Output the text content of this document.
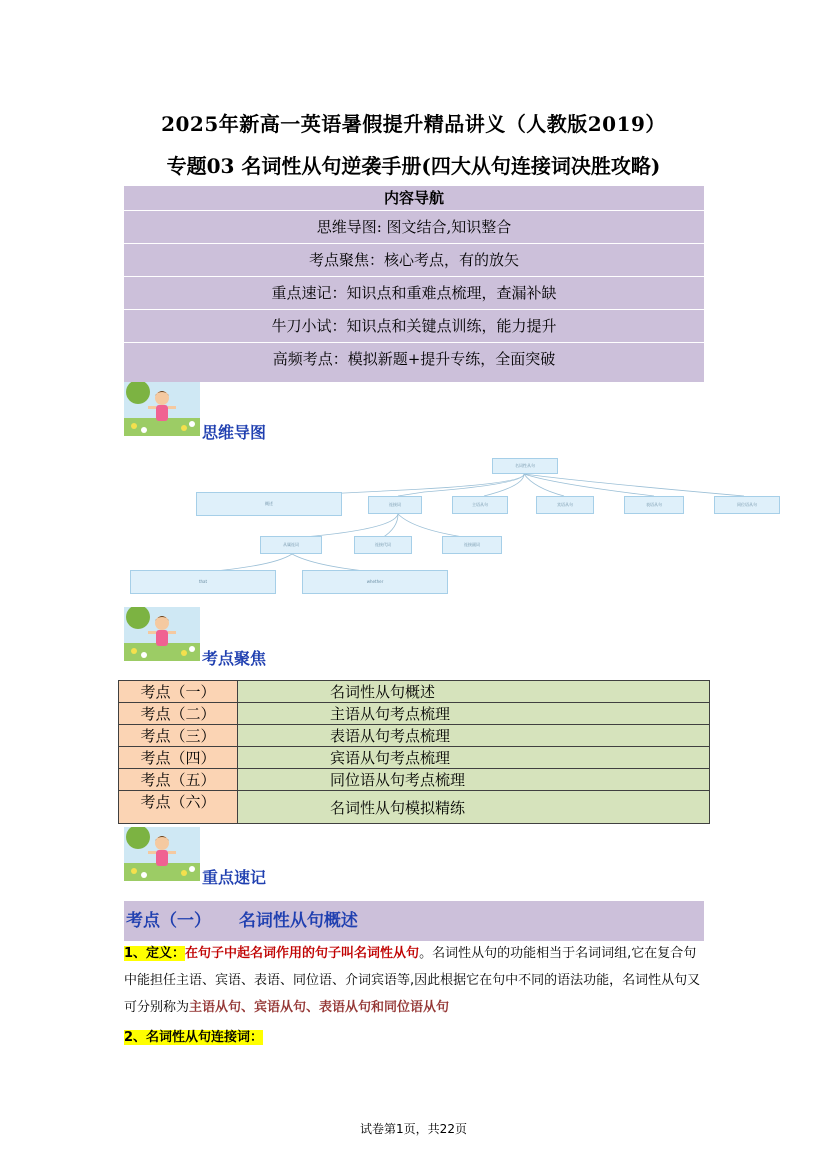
2025年新高一英语暑假提升精品讲义（人教版2019）
专题03 名词性从句逆袭手册(四大从句连接词决胜攻略)
内容导航
思维导图: 图文结合,知识整合
考点聚焦：核心考点，有的放矢
重点速记：知识点和重难点梳理，查漏补缺
牛刀小试：知识点和关键点训练，能力提升
高频考点：模拟新题+提升专练，全面突破
思维导图
名词性从句
概述	连接词	主语从句	宾语从句	表语从句	同位语从句
从属连词	连接代词	连接副词
that	whether
考点聚焦
考点（一）	名词性从句概述
考点（二）	主语从句考点梳理
考点（三）	表语从句考点梳理
考点（四）	宾语从句考点梳理
考点（五）	同位语从句考点梳理
考点（六）	名词性从句模拟精练
重点速记
考点（一） 名词性从句概述
1、定义：在句子中起名词作用的句子叫名词性从句。名词性从句的功能相当于名词词组,它在复合句中能担任主语、宾语、表语、同位语、介词宾语等,因此根据它在句中不同的语法功能，名词性从句又可分别称为主语从句、宾语从句、表语从句和同位语从句
2、名词性从句连接词：
试卷第1页，共22页
